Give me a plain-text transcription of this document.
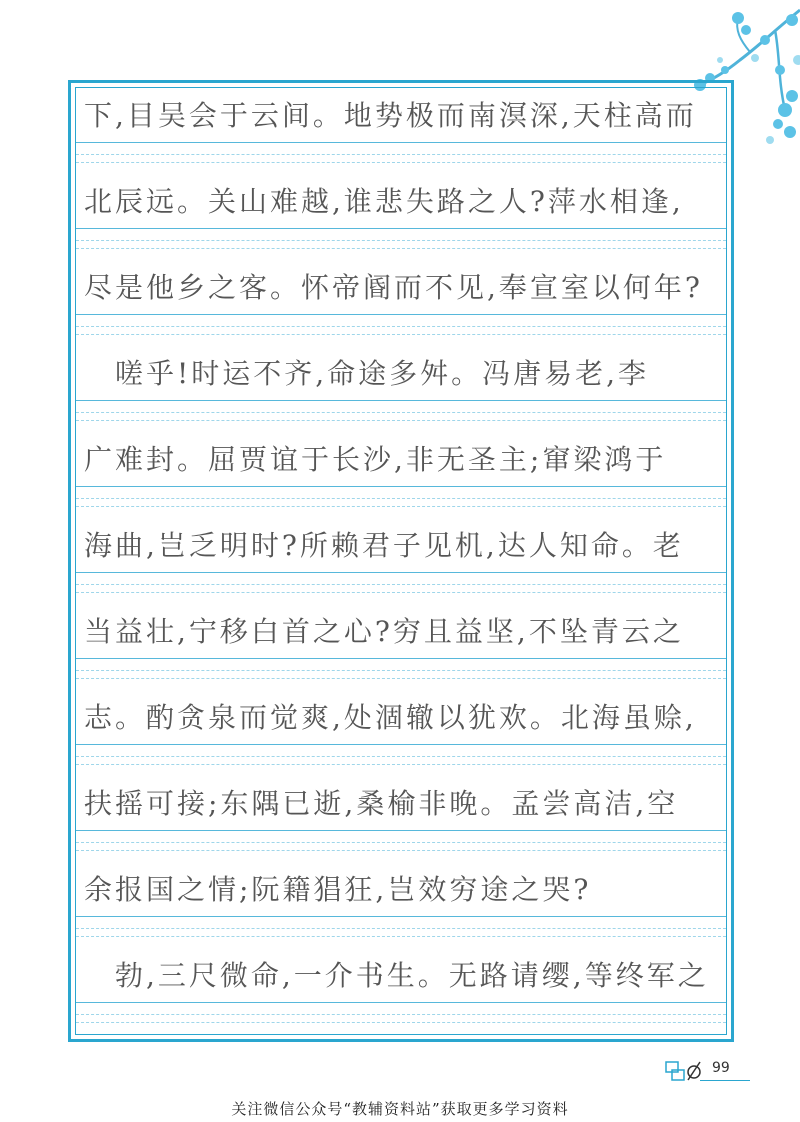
下,目吴会于云间。地势极而南溟深,天柱高而
北辰远。关山难越,谁悲失路之人?萍水相逢,
尽是他乡之客。怀帝阍而不见,奉宣室以何年?
　嗟乎!时运不齐,命途多舛。冯唐易老,李
广难封。屈贾谊于长沙,非无圣主;窜梁鸿于
海曲,岂乏明时?所赖君子见机,达人知命。老
当益壮,宁移白首之心?穷且益坚,不坠青云之
志。酌贪泉而觉爽,处涸辙以犹欢。北海虽赊,
扶摇可接;东隅已逝,桑榆非晚。孟尝高洁,空
余报国之情;阮籍猖狂,岂效穷途之哭?
　勃,三尺微命,一介书生。无路请缨,等终军之
99
关注微信公众号“教辅资料站”获取更多学习资料
